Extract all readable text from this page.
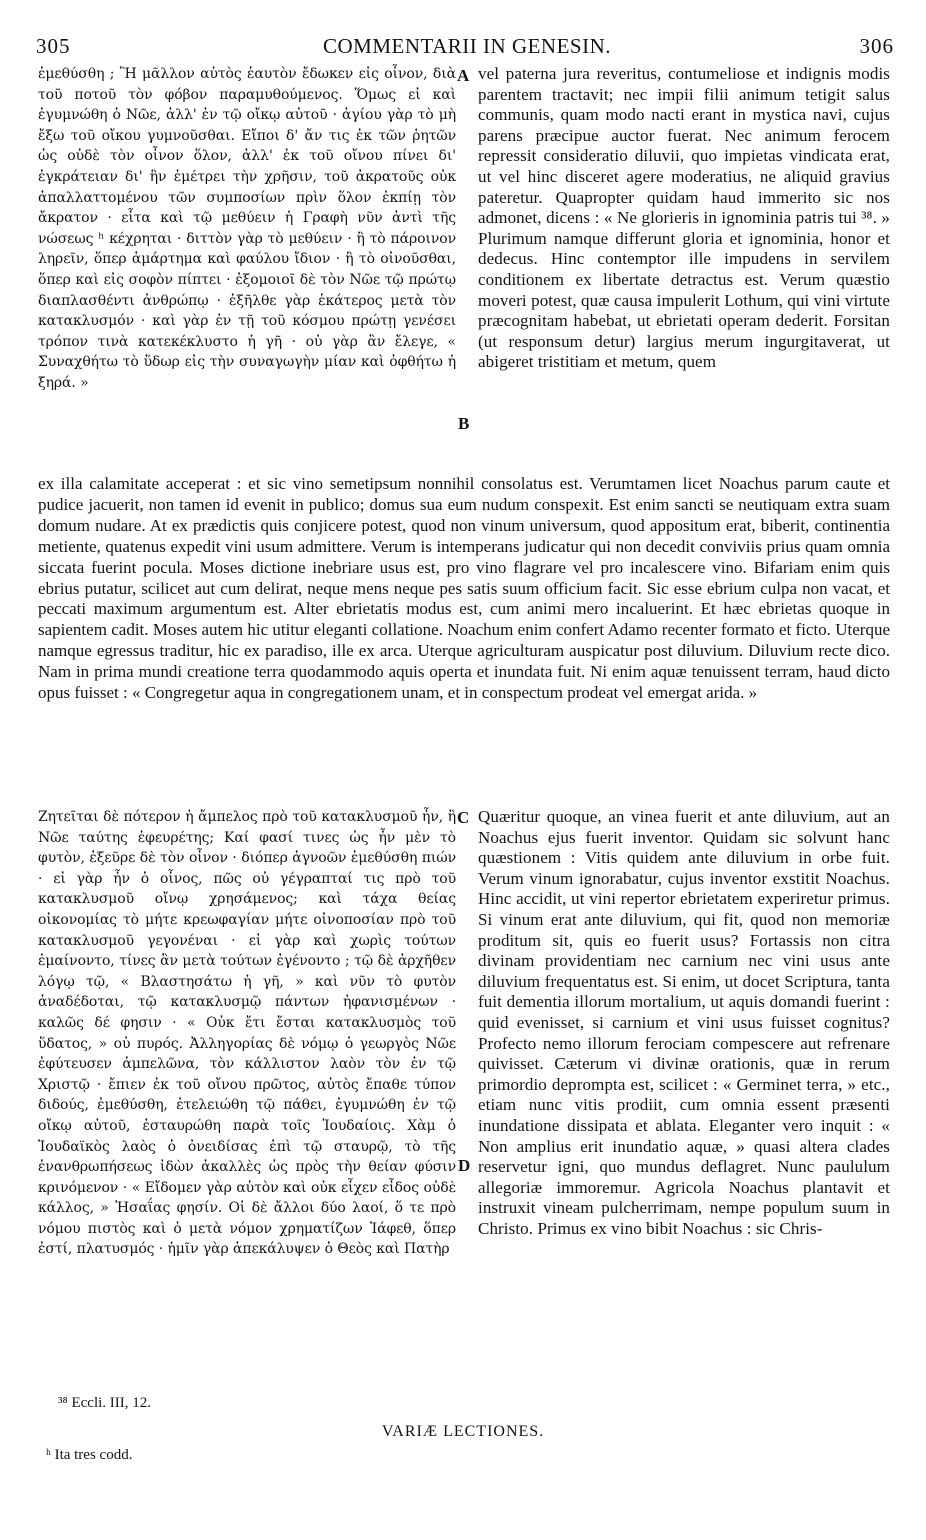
305	COMMENTARII IN GENESIN.	306
ἐμεθύσθη ; Ἢ μᾶλλον αὐτὸς ἑαυτὸν ἔδωκεν εἰς οἶνον, διὰ τοῦ ποτοῦ τὸν φόβον παραμυθούμενος. Ὅμως εἰ καὶ ἐγυμνώθη ὁ Νῶε, ἀλλ' ἐν τῷ οἴκῳ αὐτοῦ · ἀγίου γὰρ τὸ μὴ ἔξω τοῦ οἴκου γυμνοῦσθαι. Εἴποι δ' ἄν τις ἐκ τῶν ῥητῶν ὡς οὐδὲ τὸν οἶνον ὅλον, ἀλλ' ἐκ τοῦ οἴνου πίνει δι' ἐγκράτειαν δι' ἣν ἐμέτρει τὴν χρῆσιν, τοῦ ἀκρατοῦς οὐκ ἀπαλλαττομένου τῶν συμποσίων πρὶν ὅλον ἐκπίῃ τὸν ἄκρατον · εἶτα καὶ τῷ μεθύειν ἡ Γραφὴ νῦν ἀντὶ τῆς νώσεως ʰ κέχρηται · διττὸν γὰρ τὸ μεθύειν · ἢ τὸ πάροινον ληρεῖν, ὅπερ ἁμάρτημα καὶ φαύλου ἴδιον · ἢ τὸ οἰνοῦσθαι, ὅπερ καὶ εἰς σοφὸν πίπτει · ἐξομοιοῖ δὲ τὸν Νῶε τῷ πρώτῳ διαπλασθέντι ἀνθρώπῳ · ἐξῆλθε γὰρ ἑκάτερος μετὰ τὸν κατακλυσμόν · καὶ γὰρ ἐν τῇ τοῦ κόσμου πρώτῃ γενέσει τρόπον τινὰ κατεκέκλυστο ἡ γῆ · οὐ γὰρ ἂν ἔλεγε, « Συναχθήτω τὸ ὕδωρ εἰς τὴν συναγωγὴν μίαν καὶ ὀφθήτω ἡ ξηρά. »
A vel paterna jura reveritus, contumeliose et indignis modis parentem tractavit; nec impii filii animum tetigit salus communis, quam modo nacti erant in mystica navi, cujus parens præcipue auctor fuerat. Nec animum ferocem repressit consideratio diluvii, quo impietas vindicata erat, ut vel hinc disceret agere moderatius, ne aliquid gravius pateretur. Quapropter quidam haud immerito sic nos admonet, dicens : « Ne glorieris in ignominia patris tui ³⁸. » Plurimum namque differunt gloria et ignominia, honor et dedecus. Hinc contemptor ille impudens in servilem conditionem ex libertate detractus est. Verum quæstio moveri potest, quæ causa impulerit Lothum, qui vini virtute præcognitam habebat, ut ebrietati operam dederit. Forsitan (ut responsum detur) largius merum ingurgitaverat, ut abigeret tristitiam et metum, quem
B
ex illa calamitate acceperat : et sic vino semetipsum nonnihil consolatus est. Verumtamen licet Noachus parum caute et pudice jacuerit, non tamen id evenit in publico; domus sua eum nudum conspexit. Est enim sancti se neutiquam extra suam domum nudare. At ex prædictis quis conjicere potest, quod non vinum universum, quod appositum erat, biberit, continentia metiente, quatenus expedit vini usum admittere. Verum is intemperans judicatur qui non decedit conviviis prius quam omnia siccata fuerint pocula. Moses dictione inebriare usus est, pro vino flagrare vel pro incalescere vino. Bifariam enim quis ebrius putatur, scilicet aut cum delirat, neque mens neque pes satis suum officium facit. Sic esse ebrium culpa non vacat, et peccati maximum argumentum est. Alter ebrietatis modus est, cum animi mero incaluerint. Et hæc ebrietas quoque in sapientem cadit. Moses autem hic utitur eleganti collatione. Noachum enim confert Adamo recenter formato et ficto. Uterque namque egressus traditur, hic ex paradiso, ille ex arca. Uterque agriculturam auspicatur post diluvium. Diluvium recte dico. Nam in prima mundi creatione terra quodammodo aquis operta et inundata fuit. Ni enim aquæ tenuissent terram, haud dicto opus fuisset : « Congregetur aqua in congregationem unam, et in conspectum prodeat vel emergat arida. »
Ζητεῖται δὲ πότερον ἡ ἄμπελος πρὸ τοῦ κατακλυσμοῦ ἦν, ἢ Νῶε ταύτης ἐφευρέτης; Καί φασί τινες ὡς ἦν μὲν τὸ φυτὸν, ἐξεῦρε δὲ τὸν οἶνον · διόπερ ἀγνοῶν ἐμεθύσθη πιών · εἰ γὰρ ἦν ὁ οἶνος, πῶς οὐ γέγραπταί τις πρὸ τοῦ κατακλυσμοῦ οἴνῳ χρησάμενος; καὶ τάχα θείας οἰκονομίας τὸ μήτε κρεωφαγίαν μήτε οἰνοποσίαν πρὸ τοῦ κατακλυσμοῦ γεγονέναι · εἰ γὰρ καὶ χωρὶς τούτων ἐμαίνοντο, τίνες ἂν μετὰ τούτων ἐγένοντο ; τῷ δὲ ἀρχῆθεν λόγῳ τῷ, « Βλαστησάτω ἡ γῆ, » καὶ νῦν τὸ φυτὸν ἀναδέδοται, τῷ κατακλυσμῷ πάντων ἠφανισμένων · καλῶς δέ φησιν · « Οὐκ ἔτι ἔσται κατακλυσμὸς τοῦ ὕδατος, » οὐ πυρός. Ἀλληγορίας δὲ νόμῳ ὁ γεωργὸς Νῶε ἐφύτευσεν ἀμπελῶνα, τὸν κάλλιστον λαὸν τὸν ἐν τῷ Χριστῷ · ἔπιεν ἐκ τοῦ οἴνου πρῶτος, αὐτὸς ἔπαθε τύπον διδούς, ἐμεθύσθη, ἐτελειώθη τῷ πάθει, ἐγυμνώθη ἐν τῷ οἴκῳ αὐτοῦ, ἐσταυρώθη παρὰ τοῖς Ἰουδαίοις. Χὰμ ὁ Ἰουδαϊκὸς λαὸς ὁ ὀνειδίσας ἐπὶ τῷ σταυρῷ, τὸ τῆς ἐνανθρωπήσεως ἰδὼν ἀκαλλὲς ὡς πρὸς τὴν θείαν φύσιν κρινόμενον · « Εἴδομεν γὰρ αὐτὸν καὶ οὐκ εἶχεν εἶδος οὐδὲ κάλλος, » Ἠσαΐας φησίν. Οἱ δὲ ἄλλοι δύο λαοί, ὅ τε πρὸ νόμου πιστὸς καὶ ὁ μετὰ νόμον χρηματίζων Ἰάφεθ, ὅπερ ἐστί, πλατυσμός · ἡμῖν γὰρ ἀπεκάλυψεν ὁ Θεὸς καὶ Πατὴρ
C Quæritur quoque, an vinea fuerit et ante diluvium, aut an Noachus ejus fuerit inventor. Quidam sic solvunt hanc quæstionem : Vitis quidem ante diluvium in orbe fuit. Verum vinum ignorabatur, cujus inventor exstitit Noachus. Hinc accidit, ut vini repertor ebrietatem experiretur primus. Si vinum erat ante diluvium, qui fit, quod non memoriæ proditum sit, quis eo fuerit usus? Fortassis non citra divinam providentiam nec carnium nec vini usus ante diluvium frequentatus est. Si enim, ut docet Scriptura, tanta fuit dementia illorum mortalium, ut aquis domandi fuerint : quid evenisset, si carnium et vini usus fuisset cognitus? Profecto nemo illorum ferociam compescere aut refrenare quivisset. Cæterum vi divinæ orationis, quæ in rerum primordio deprompta est, scilicet : « Germinet terra, » etc., etiam nunc vitis prodiit, cum omnia essent præsenti inundatione dissipata et ablata. Eleganter vero inquit : « Non amplius erit inundatio aquæ, » quasi altera clades reservetur igni, quo mundus deflagret. Nunc paululum allegoriæ immoremur. Agricola Noachus plantavit et instruxit vineam pulcherrimam, nempe populum suum in Christo. Primus ex vino bibit Noachus : sic Chris-
D
³⁸ Eccli. III, 12.
VARIÆ LECTIONES.
ʰ Ita tres codd.
